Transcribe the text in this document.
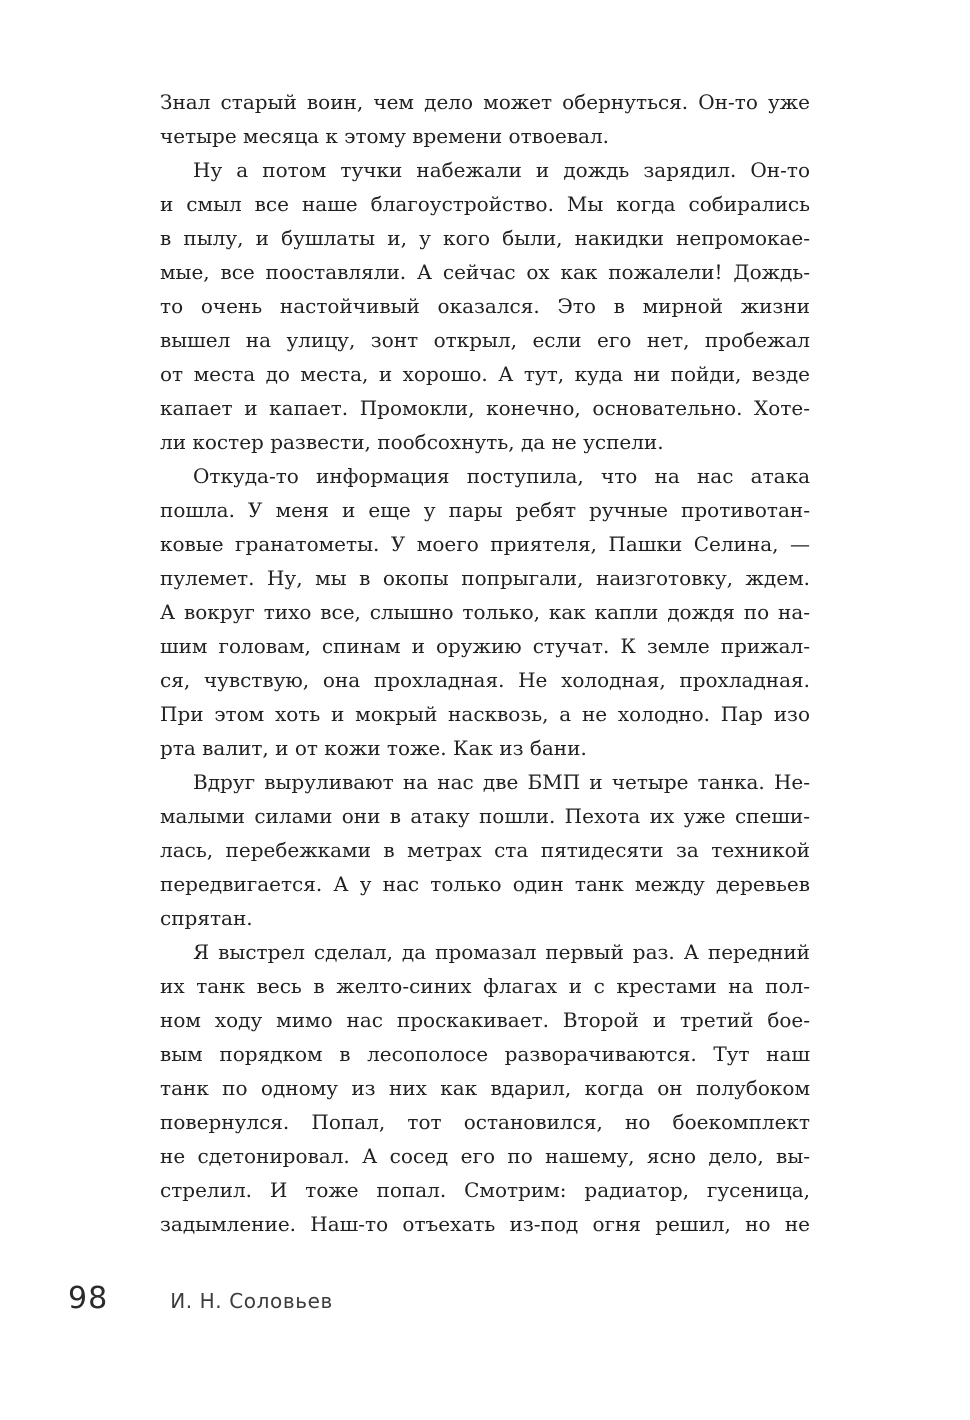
Знал старый воин, чем дело может обернуться. Он-то уже
четыре месяца к этому времени отвоевал.
Ну а потом тучки набежали и дождь зарядил. Он-то
и смыл все наше благоустройство. Мы когда собирались
в пылу, и бушлаты и, у кого были, накидки непромокае-
мые, все пооставляли. А сейчас ох как пожалели! Дождь-
то очень настойчивый оказался. Это в мирной жизни
вышел на улицу, зонт открыл, если его нет, пробежал
от места до места, и хорошо. А тут, куда ни пойди, везде
капает и капает. Промокли, конечно, основательно. Хоте-
ли костер развести, пообсохнуть, да не успели.
Откуда-то информация поступила, что на нас атака
пошла. У меня и еще у пары ребят ручные противотан-
ковые гранатометы. У моего приятеля, Пашки Селина, —
пулемет. Ну, мы в окопы попрыгали, наизготовку, ждем.
А вокруг тихо все, слышно только, как капли дождя по на-
шим головам, спинам и оружию стучат. К земле прижал-
ся, чувствую, она прохладная. Не холодная, прохладная.
При этом хоть и мокрый насквозь, а не холодно. Пар изо
рта валит, и от кожи тоже. Как из бани.
Вдруг выруливают на нас две БМП и четыре танка. Не-
малыми силами они в атаку пошли. Пехота их уже спеши-
лась, перебежками в метрах ста пятидесяти за техникой
передвигается. А у нас только один танк между деревьев
спрятан.
Я выстрел сделал, да промазал первый раз. А передний
их танк весь в желто-синих флагах и с крестами на пол-
ном ходу мимо нас проскакивает. Второй и третий бое-
вым порядком в лесополосе разворачиваются. Тут наш
танк по одному из них как вдарил, когда он полубоком
повернулся. Попал, тот остановился, но боекомплект
не сдетонировал. А сосед его по нашему, ясно дело, вы-
стрелил. И тоже попал. Смотрим: радиатор, гусеница,
задымление. Наш-то отъехать из-под огня решил, но не
98	И. Н. Соловьев
